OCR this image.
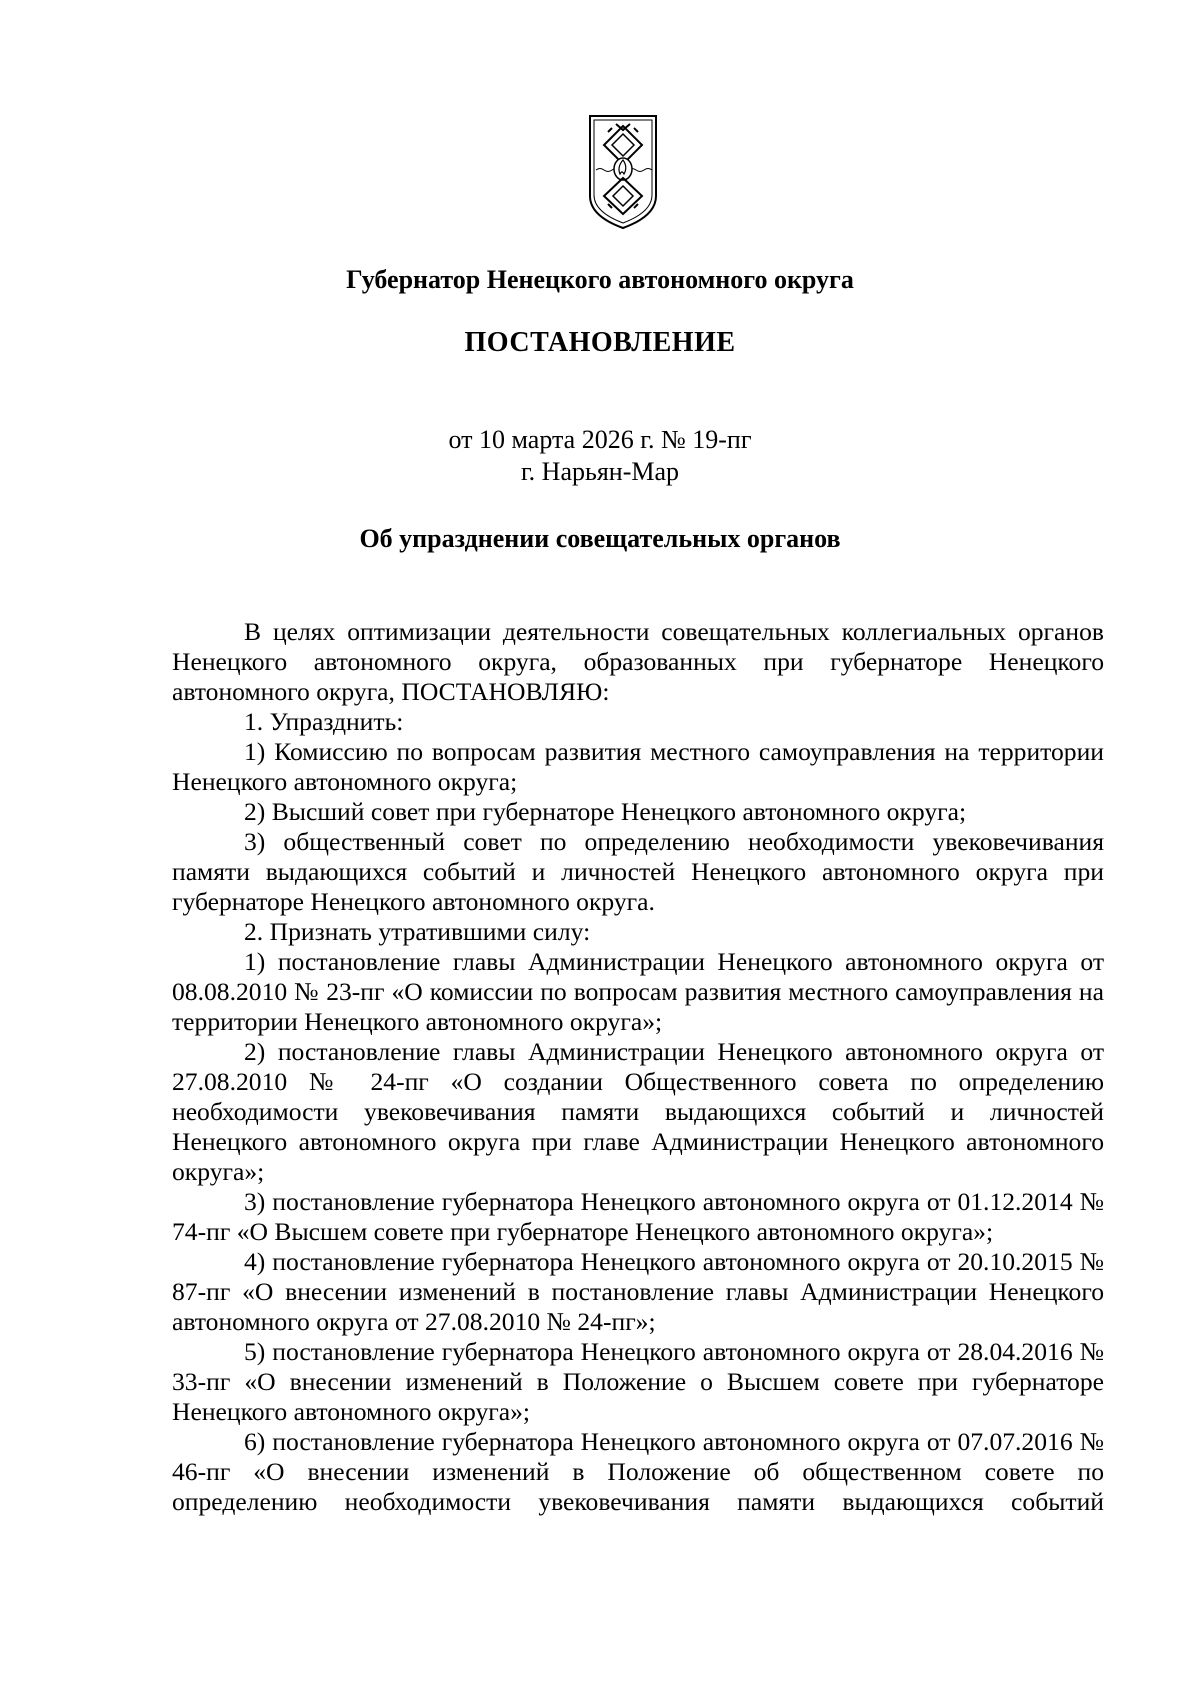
Губернатор Ненецкого автономного округа
ПОСТАНОВЛЕНИЕ
от 10 марта 2026 г. № 19-пг
г. Нарьян-Мар
Об упразднении совещательных органов

В целях оптимизации деятельности совещательных коллегиальных органов Ненецкого автономного округа, образованных при губернаторе Ненецкого автономного округа, ПОСТАНОВЛЯЮ:

1. Упразднить:

1) Комиссию по вопросам развития местного самоуправления на территории Ненецкого автономного округа;

2) Высший совет при губернаторе Ненецкого автономного округа;

3) общественный совет по определению необходимости увековечивания памяти выдающихся событий и личностей Ненецкого автономного округа при губернаторе Ненецкого автономного округа.

2. Признать утратившими силу:

1) постановление главы Администрации Ненецкого автономного округа от 08.08.2010 № 23-пг «О комиссии по вопросам развития местного самоуправления на территории Ненецкого автономного округа»;

2) постановление главы Администрации Ненецкого автономного округа от 27.08.2010 № 24-пг «О создании Общественного совета по определению необходимости увековечивания памяти выдающихся событий и личностей Ненецкого автономного округа при главе Администрации Ненецкого автономного округа»;

3) постановление губернатора Ненецкого автономного округа от 01.12.2014 № 74-пг «О Высшем совете при губернаторе Ненецкого автономного округа»;

4) постановление губернатора Ненецкого автономного округа от 20.10.2015 № 87-пг «О внесении изменений в постановление главы Администрации Ненецкого автономного округа от 27.08.2010 № 24-пг»;

5) постановление губернатора Ненецкого автономного округа от 28.04.2016 № 33-пг «О внесении изменений в Положение о Высшем совете при губернаторе Ненецкого автономного округа»;

6) постановление губернатора Ненецкого автономного округа от 07.07.2016 № 46-пг «О внесении изменений в Положение об общественном совете по определению необходимости увековечивания памяти выдающихся событий
